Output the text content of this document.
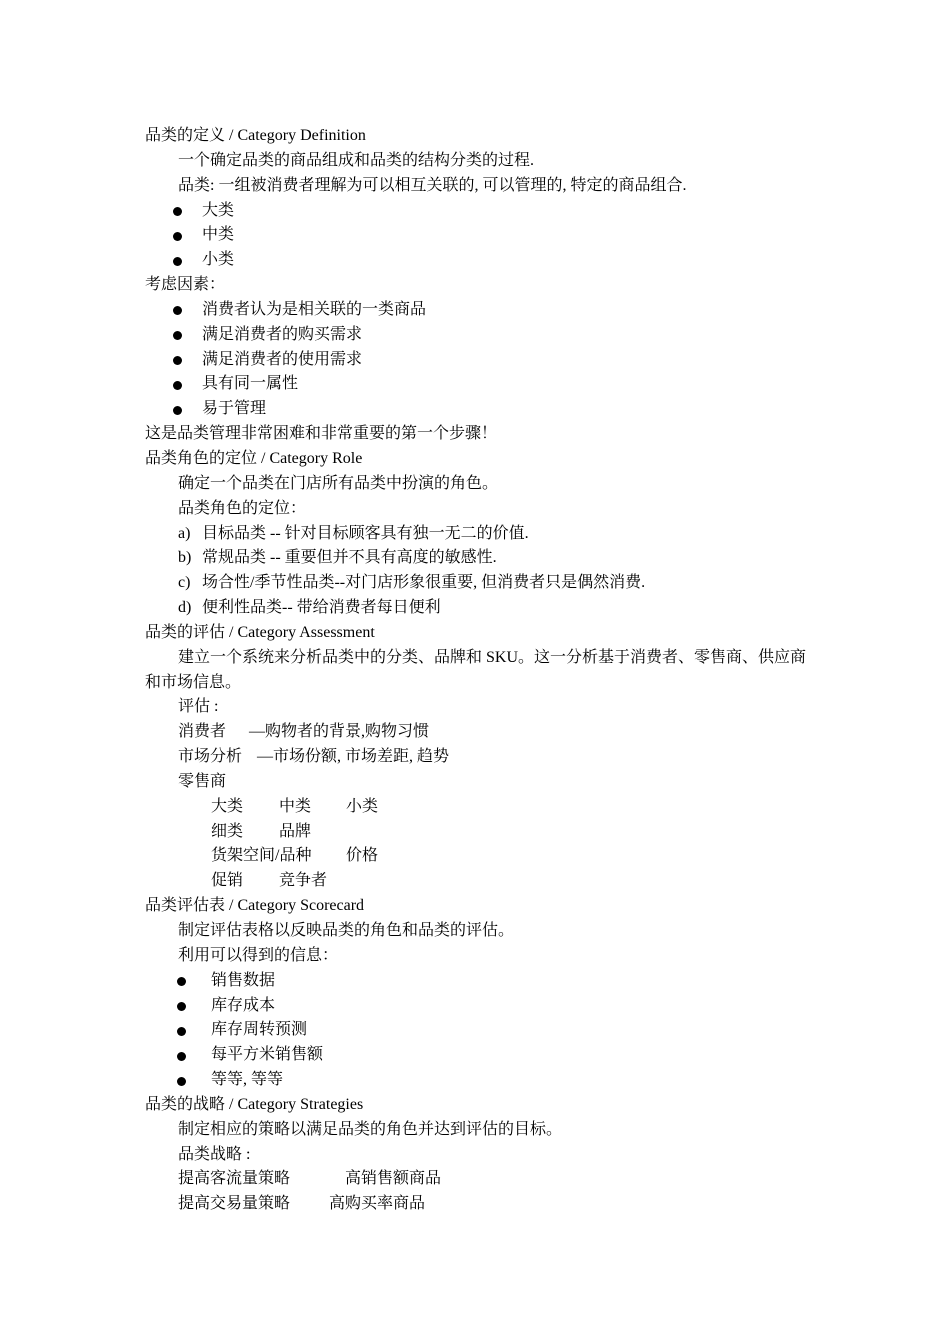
品类的定义 / Category Definition
一个确定品类的商品组成和品类的结构分类的过程.
品类: 一组被消费者理解为可以相互关联的, 可以管理的, 特定的商品组合.
大类
中类
小类
考虑因素：
消费者认为是相关联的一类商品
满足消费者的购买需求
满足消费者的使用需求
具有同一属性
易于管理
这是品类管理非常困难和非常重要的第一个步骤！
品类角色的定位 / Category Role
确定一个品类在门店所有品类中扮演的角色。
品类角色的定位：
a) 目标品类 -- 针对目标顾客具有独一无二的价值.
b) 常规品类 -- 重要但并不具有高度的敏感性.
c) 场合性/季节性品类--对门店形象很重要, 但消费者只是偶然消费.
d) 便利性品类-- 带给消费者每日便利
品类的评估 / Category Assessment
建立一个系统来分析品类中的分类、品牌和 SKU。这一分析基于消费者、零售商、供应商
和市场信息。
评估 :
消费者 —购物者的背景,购物习惯
市场分析 —市场份额, 市场差距, 趋势
零售商
大类 中类 小类
细类 品牌
货架空间/品种 价格
促销 竞争者
品类评估表 / Category Scorecard
制定评估表格以反映品类的角色和品类的评估。
利用可以得到的信息：
销售数据
库存成本
库存周转预测
每平方米销售额
等等, 等等
品类的战略 / Category Strategies
制定相应的策略以满足品类的角色并达到评估的目标。
品类战略 :
提高客流量策略	高销售额商品
提高交易量策略 高购买率商品
